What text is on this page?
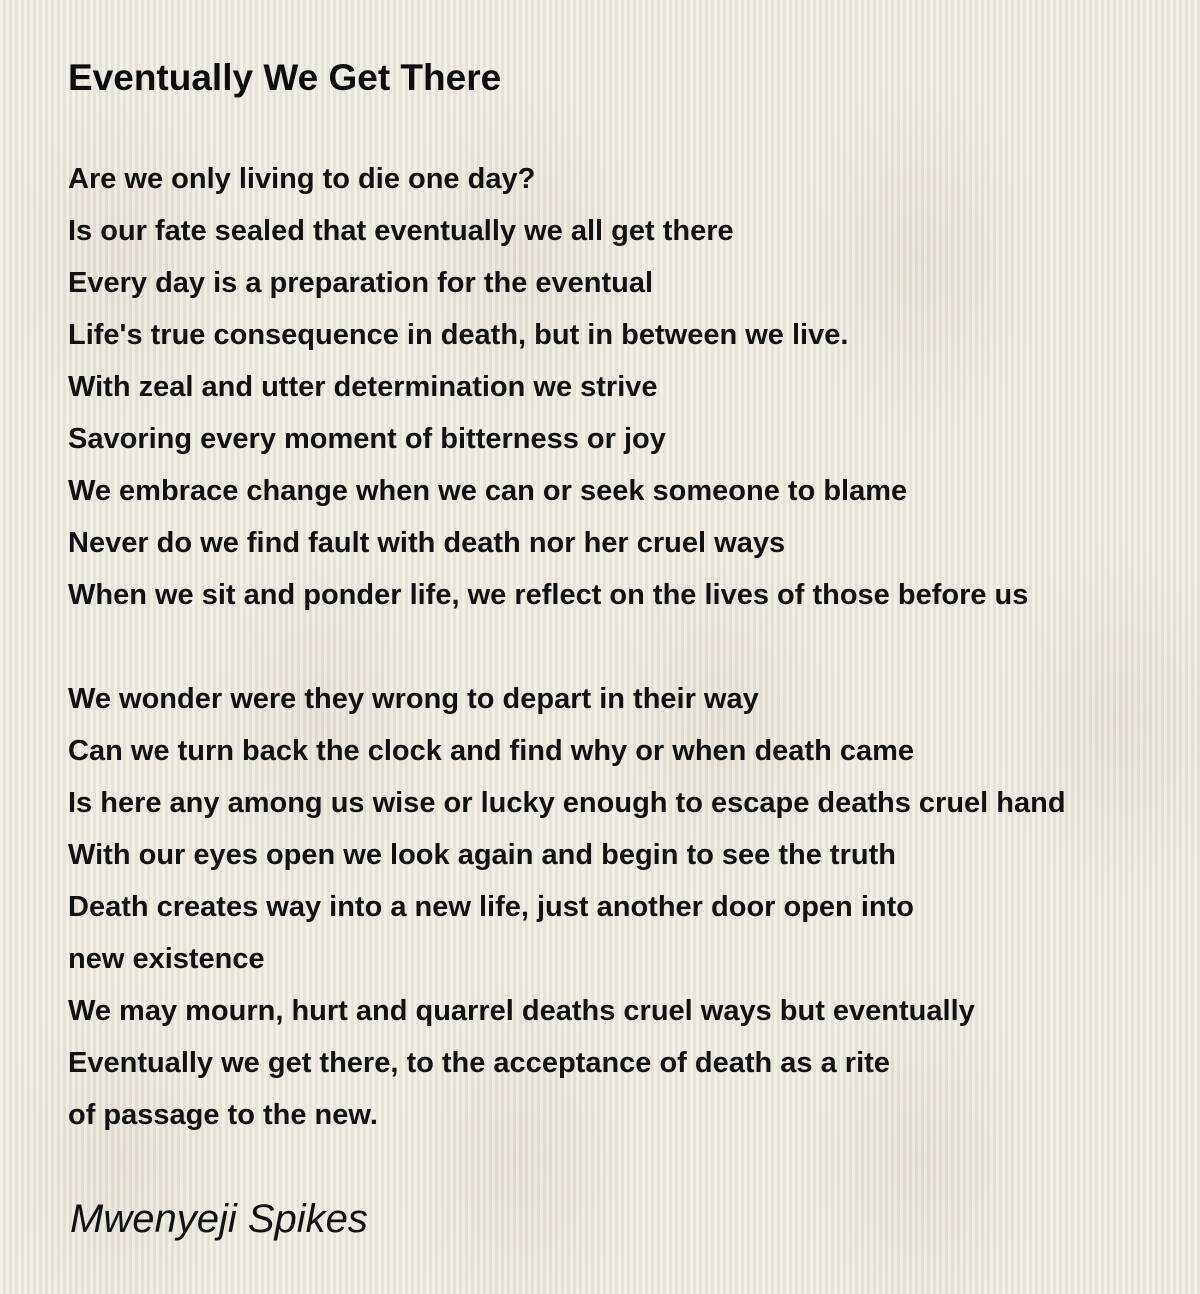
Eventually We Get There
Are we only living to die one day?
Is our fate sealed that eventually we all get there
Every day is a preparation for the eventual
Life's true consequence in death, but in between we live.
With zeal and utter determination we strive
Savoring every moment of bitterness or joy
We embrace change when we can or seek someone to blame
Never do we find fault with death nor her cruel ways
When we sit and ponder life, we reflect on the lives of those before us
We wonder were they wrong to depart in their way
Can we turn back the clock and find why or when death came
Is here any among us wise or lucky enough to escape deaths cruel hand
With our eyes open we look again and begin to see the truth
Death creates way into a new life, just another door open into
new existence
We may mourn, hurt and quarrel deaths cruel ways but eventually
Eventually we get there, to the acceptance of death as a rite
of passage to the new.
Mwenyeji Spikes
